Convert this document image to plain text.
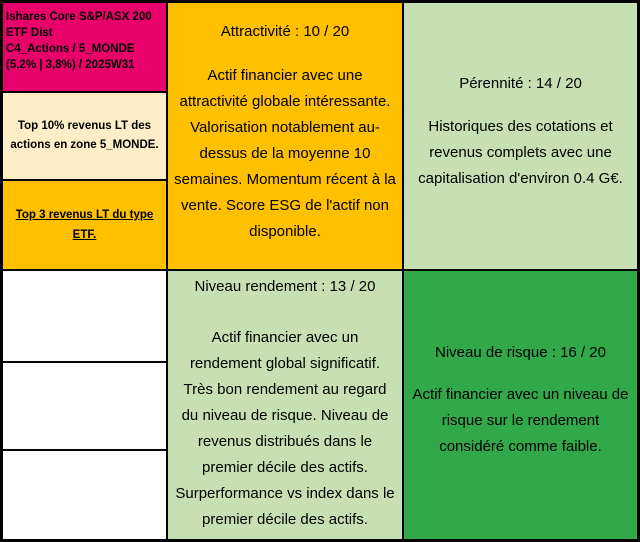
Ishares Core S&P/ASX 200
ETF Dist
C4_Actions / 5_MONDE
(5,2% | 3,8%) / 2025W31
Top 10% revenus LT des actions en zone 5_MONDE.
Top 3 revenus LT du type ETF.
Attractivité : 10 / 20
Actif financier avec une attractivité globale intéressante. Valorisation notablement au-dessus de la moyenne 10 semaines. Momentum récent à la vente. Score ESG de l'actif non disponible.
Pérennité : 14 / 20
Historiques des cotations et revenus complets avec une capitalisation d'environ 0.4 G€.
Niveau rendement : 13 / 20
Actif financier avec un rendement global significatif. Très bon rendement au regard du niveau de risque. Niveau de revenus distribués dans le premier décile des actifs. Surperformance vs index dans le premier décile des actifs.
Niveau de risque : 16 / 20
Actif financier avec un niveau de risque sur le rendement considéré comme faible.
